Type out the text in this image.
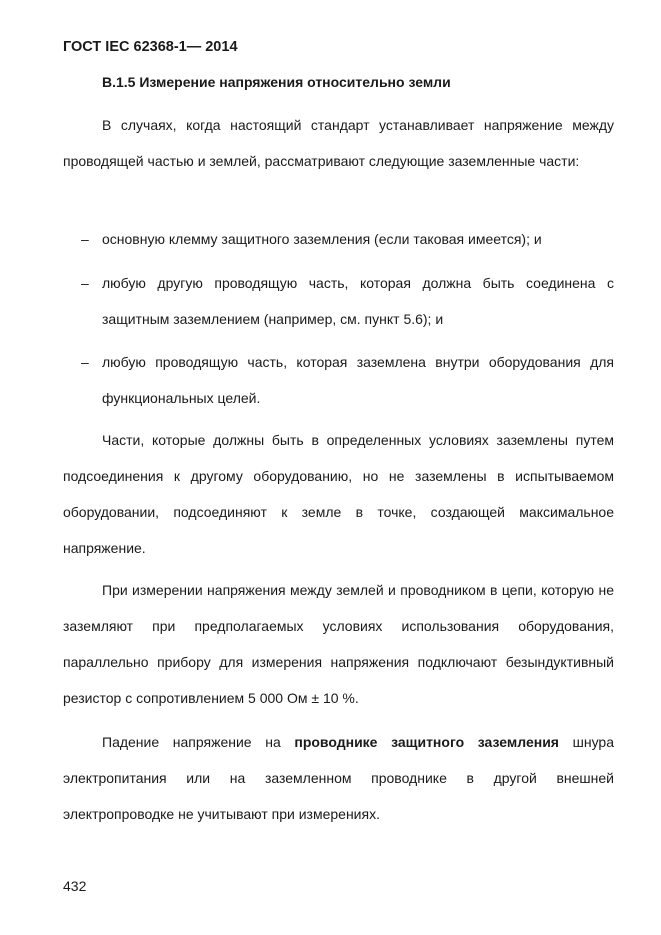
ГОСТ IEC 62368-1— 2014
В.1.5 Измерение напряжения относительно земли
В случаях, когда настоящий стандарт устанавливает напряжение между проводящей частью и землей, рассматривают следующие заземленные части:
– основную клемму защитного заземления (если таковая имеется); и
– любую другую проводящую часть, которая должна быть соединена с защитным заземлением (например, см. пункт 5.6); и
– любую проводящую часть, которая заземлена внутри оборудования для функциональных целей.
Части, которые должны быть в определенных условиях заземлены путем подсоединения к другому оборудованию, но не заземлены в испытываемом оборудовании, подсоединяют к земле в точке, создающей максимальное напряжение.
При измерении напряжения между землей и проводником в цепи, которую не заземляют при предполагаемых условиях использования оборудования, параллельно прибору для измерения напряжения подключают безындуктивный резистор с сопротивлением 5 000 Ом ± 10 %.
Падение напряжение на проводнике защитного заземления шнура электропитания или на заземленном проводнике в другой внешней электропроводке не учитывают при измерениях.
432
